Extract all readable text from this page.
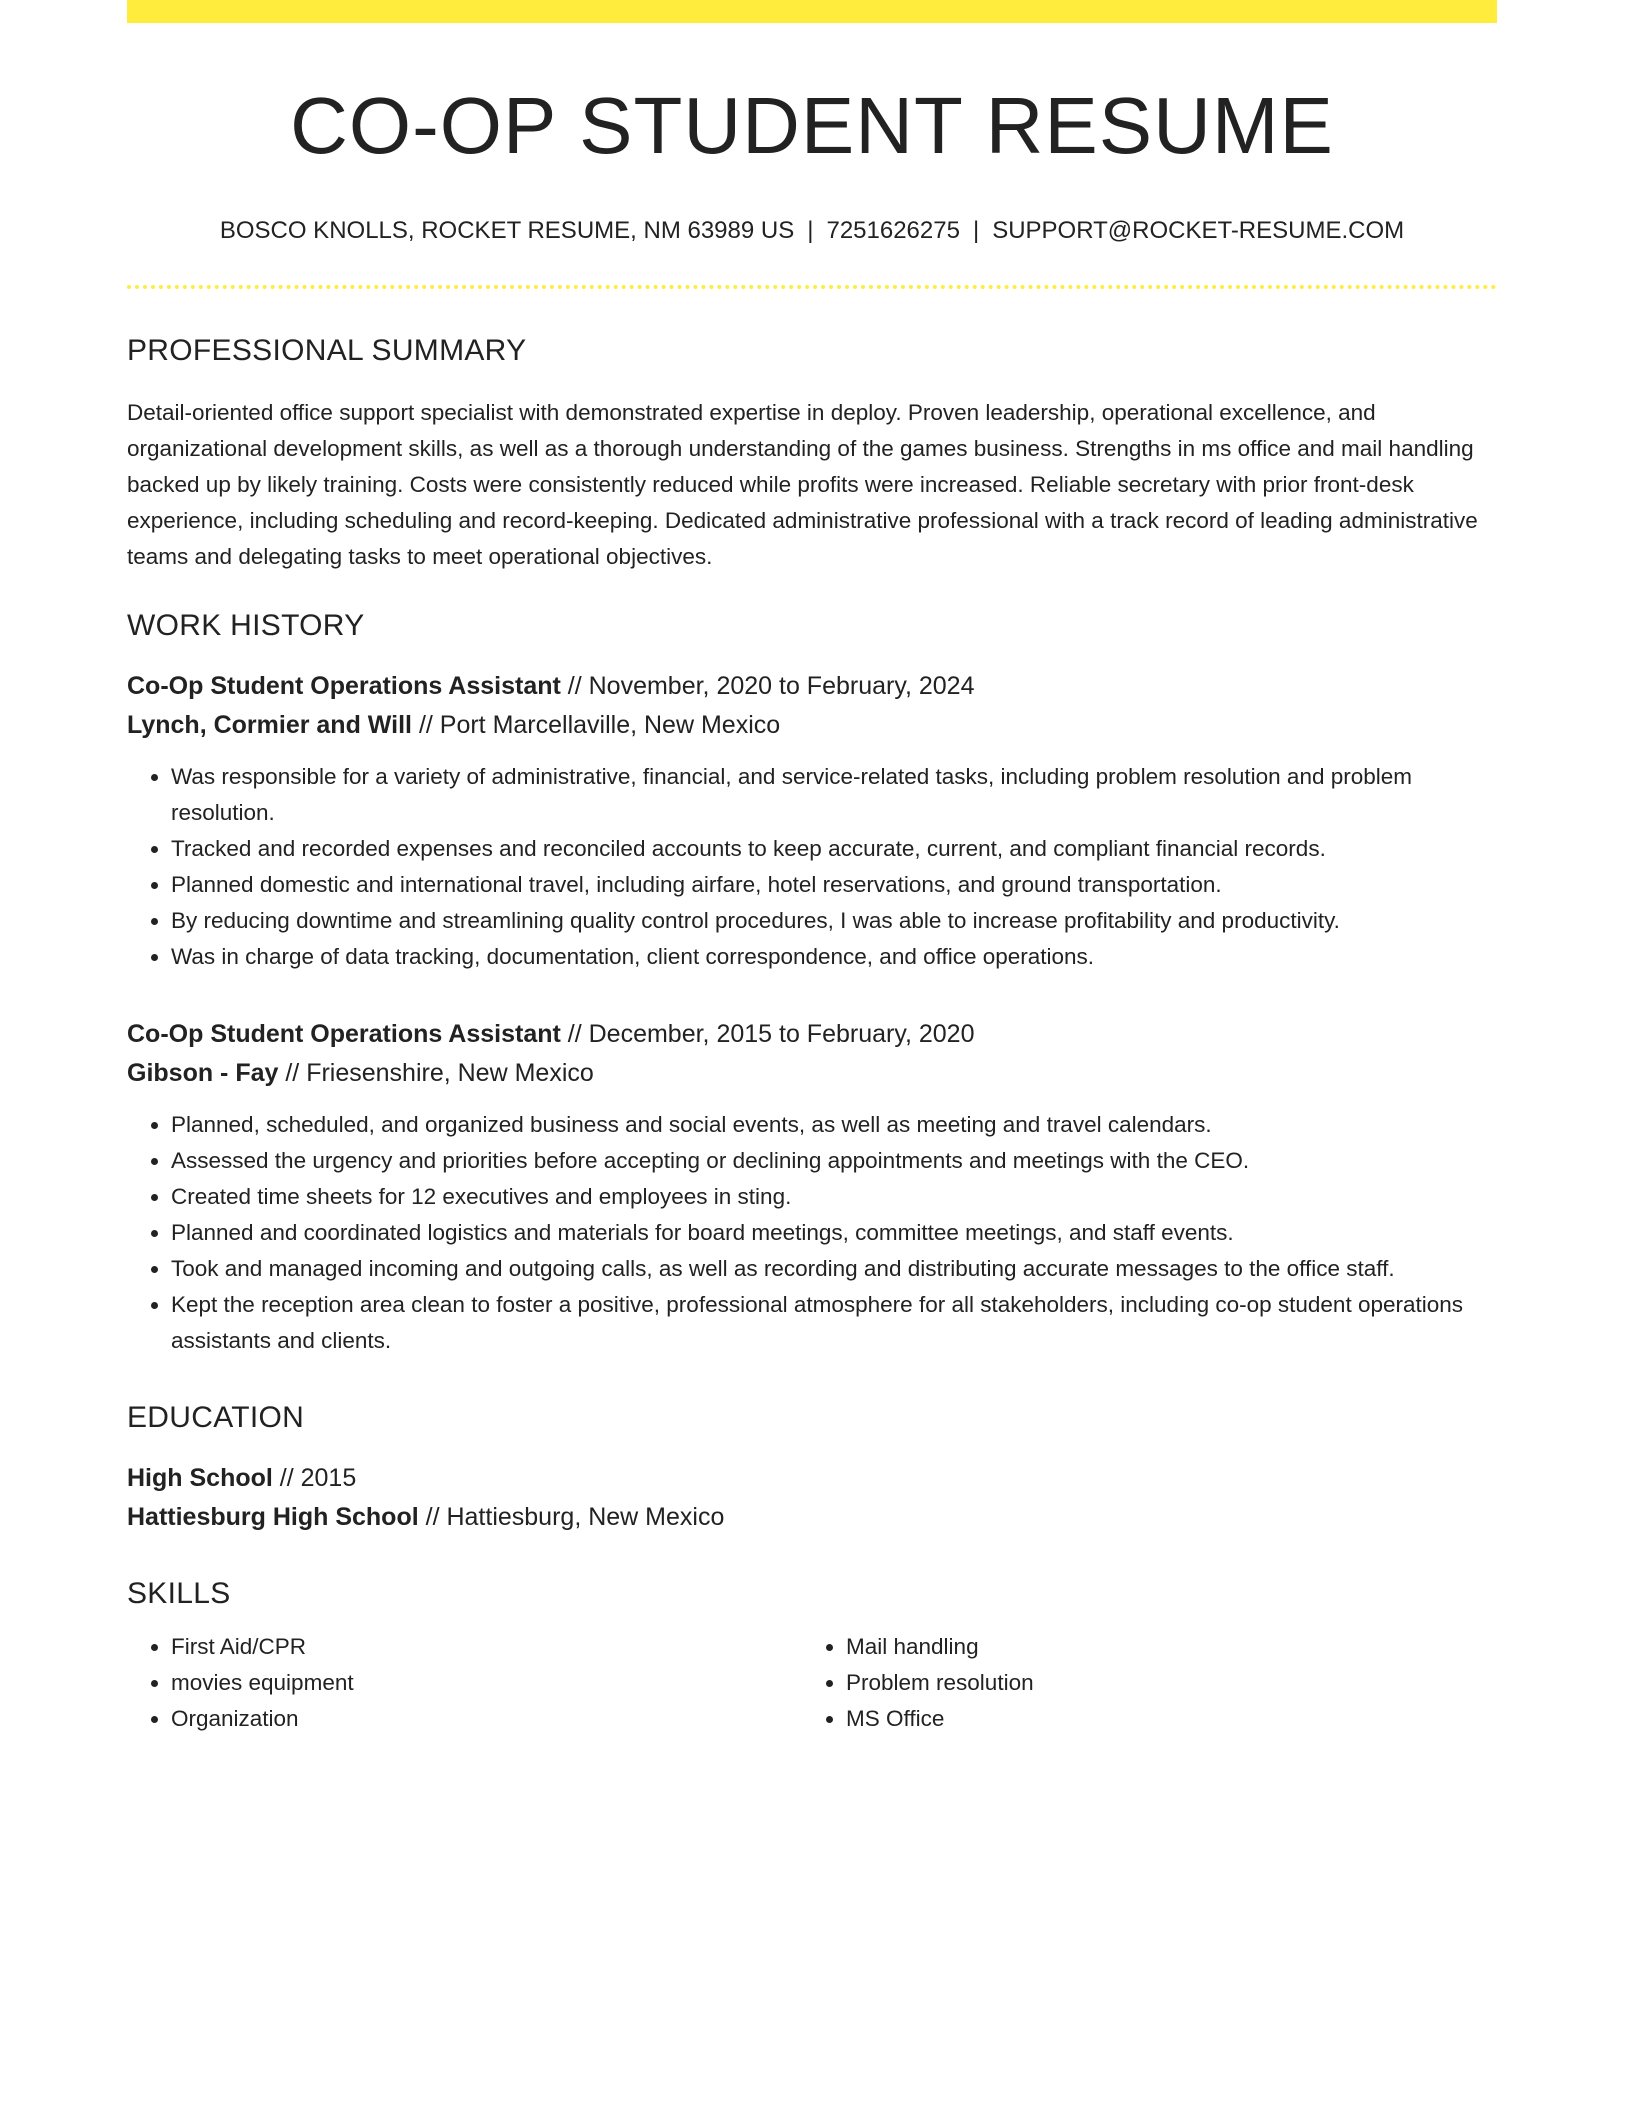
CO-OP STUDENT RESUME
BOSCO KNOLLS, ROCKET RESUME, NM 63989 US | 7251626275 | SUPPORT@ROCKET-RESUME.COM
PROFESSIONAL SUMMARY

Detail-oriented office support specialist with demonstrated expertise in deploy. Proven leadership, operational excellence, and organizational development skills, as well as a thorough understanding of the games business. Strengths in ms office and mail handling backed up by likely training. Costs were consistently reduced while profits were increased. Reliable secretary with prior front-desk experience, including scheduling and record-keeping. Dedicated administrative professional with a track record of leading administrative teams and delegating tasks to meet operational objectives.

WORK HISTORY
Co-Op Student Operations Assistant // November, 2020 to February, 2024
Lynch, Cormier and Will // Port Marcellaville, New Mexico
• Was responsible for a variety of administrative, financial, and service-related tasks, including problem resolution and problem resolution.
• Tracked and recorded expenses and reconciled accounts to keep accurate, current, and compliant financial records.
• Planned domestic and international travel, including airfare, hotel reservations, and ground transportation.
• By reducing downtime and streamlining quality control procedures, I was able to increase profitability and productivity.
• Was in charge of data tracking, documentation, client correspondence, and office operations.
Co-Op Student Operations Assistant // December, 2015 to February, 2020
Gibson - Fay // Friesenshire, New Mexico
• Planned, scheduled, and organized business and social events, as well as meeting and travel calendars.
• Assessed the urgency and priorities before accepting or declining appointments and meetings with the CEO.
• Created time sheets for 12 executives and employees in sting.
• Planned and coordinated logistics and materials for board meetings, committee meetings, and staff events.
• Took and managed incoming and outgoing calls, as well as recording and distributing accurate messages to the office staff.
• Kept the reception area clean to foster a positive, professional atmosphere for all stakeholders, including co-op student operations assistants and clients.
EDUCATION
High School // 2015
Hattiesburg High School // Hattiesburg, New Mexico
SKILLS
• First Aid/CPR
• movies equipment
• Organization
• Mail handling
• Problem resolution
• MS Office
